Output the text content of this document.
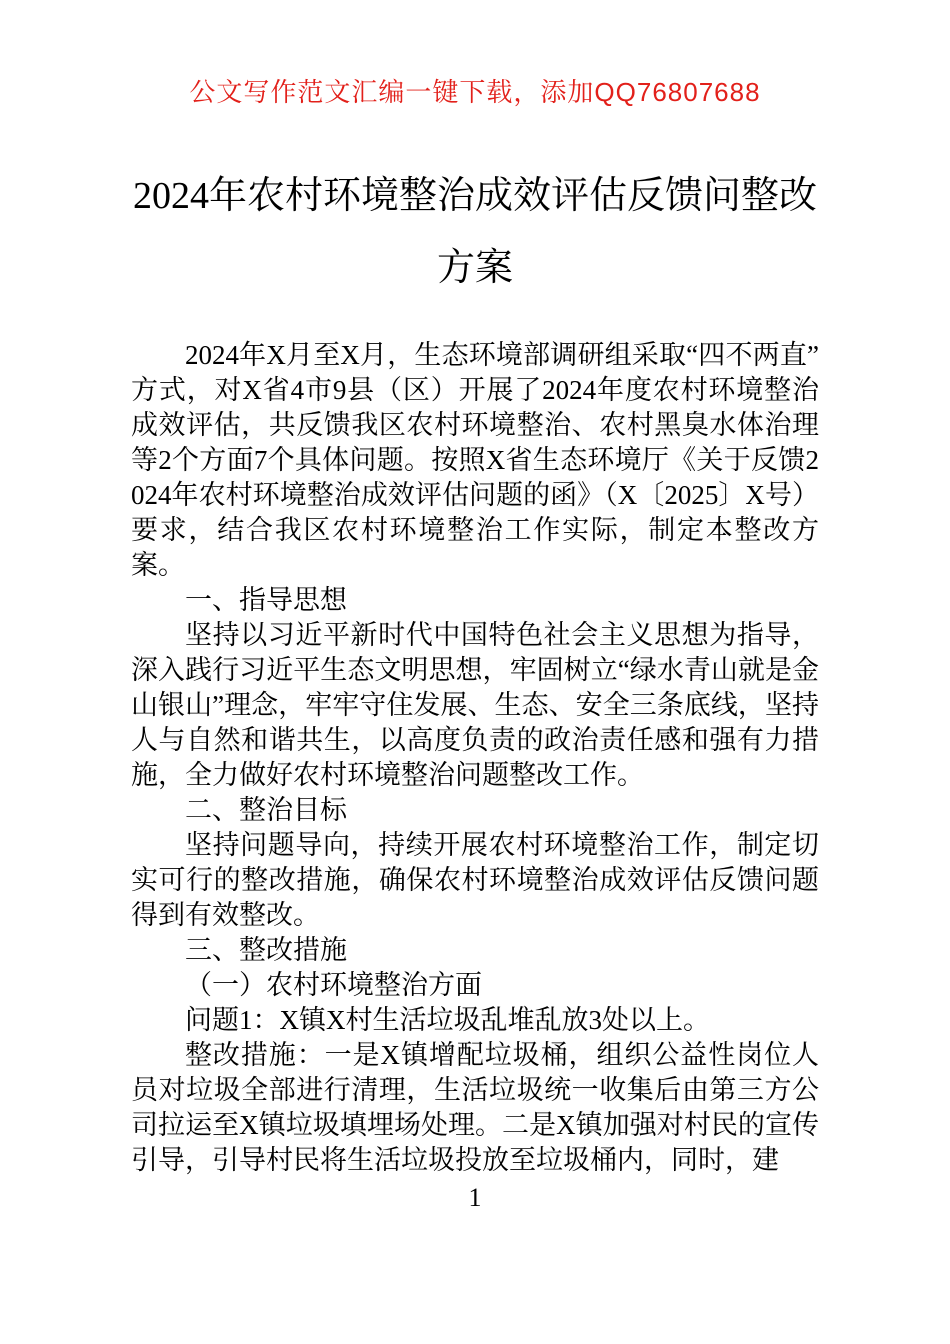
公文写作范文汇编一键下载，添加QQ76807688
2024年农村环境整治成效评估反馈问整改方案

2024年X月至X月，生态环境部调研组采取“四不两直”方式，对X省4市9县（区）开展了2024年度农村环境整治成效评估，共反馈我区农村环境整治、农村黑臭水体治理等2个方面7个具体问题。按照X省生态环境厅《关于反馈2024年农村环境整治成效评估问题的函》（X〔2025〕X号）要求，结合我区农村环境整治工作实际，制定本整改方案。

一、指导思想

坚持以习近平新时代中国特色社会主义思想为指导，深入践行习近平生态文明思想，牢固树立“绿水青山就是金山银山”理念，牢牢守住发展、生态、安全三条底线，坚持人与自然和谐共生，以高度负责的政治责任感和强有力措施，全力做好农村环境整治问题整改工作。

二、整治目标

坚持问题导向，持续开展农村环境整治工作，制定切实可行的整改措施，确保农村环境整治成效评估反馈问题得到有效整改。

三、整改措施

（一）农村环境整治方面

问题1：X镇X村生活垃圾乱堆乱放3处以上。

整改措施：一是X镇增配垃圾桶，组织公益性岗位人员对垃圾全部进行清理，生活垃圾统一收集后由第三方公司拉运至X镇垃圾填埋场处理。二是X镇加强对村民的宣传引导，引导村民将生活垃圾投放至垃圾桶内，同时，建

1
